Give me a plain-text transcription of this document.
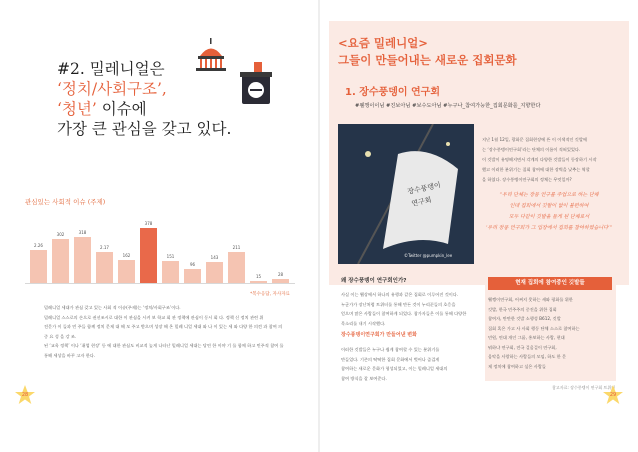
#2. 밀레니얼은
‘정치/사회구조’,
‘청년’ 이슈에
가장 큰 관심을 갖고 있다.
관심있는 사회적 이슈 (주제)
*복수응답, 자사자료

밀레니얼 세대가 관심 갖고 있는 사회 적 이슈(주제)는 ‘정치/사회구조’이다.

밀레니얼 스스로의 손으로 권선조시로 대한 이 관심을 시켜 보 학교 회 관 정책에 관심이 동시 회 다. 정책 신 정치 관련 위

전문가 이 들과 민 주들 함께 정치 문제 대 해 모 주고 받으며 성장 해 온 밀레 니얼 세대 와 나 이 있는 세 와 다양 한 의견 과 참여 의 중 요 성 을 강 조.

된 ‘교육 정책’ 이나 ‘취업 현장’ 등 에 대한 관심도 비교적 높게 나타난 밀레니얼 세대는 당연 한 이야 기 를 함께 하고 민주적 참여 를 통해 세상을 바꾸 고자 한다.

28
<요즘 밀레니얼>
그들이 만들어내는 새로운 집회문화
1. 장수풍뎅이 연구회
#웰깽이이님 #진보아님 #보수도아님 #누구나_참여가능한_집회문화를_지향한다
장수풍뎅이
연구회
©Twitter @pumpkin_lee

지난 1월 12일, 광화문 집회현장에 뜬 이 이색적인 깃발에

는 ‘장수풍뎅이연구회’라는 단체의 이름이 적혀있었다.

이 깃발이 유명해지면서 각계의 다양한 깃발들이 등장하기 시작

했고 이러한 분위기는 집회 참여에 대한 장벽을 낮추는 역할

을 하였다. 장수풍뎅이연구회의 정체는 무엇일까?

“우리 단체는 장풍 연구를 주업으로 하는 단체
인데 집회에서 깃발이 없이 불편하여
모두 다같이 깃발을 들게 된 단체로서
‘우리 장풍 연구회가 그 입장에서 집회를 참여하였습니다’”
왜 장수풍뎅이 연구회인가?

사실 이는 웹상에서 하나의 유행과 같은 집회로 이루어진 것이다.

누군가가 장난처럼 트위터를 통해 만든 것이 누리꾼들의 호응을

얻으며 많은 사람들이 참여하게 되었다. 참가자들은 이를 통해 다양한

목소리를 내기 시작했다.

장수풍뎅이연구회가 만들어낸 변화

이러한 깃발들은 누구나 쉽게 참여할 수 있는 분위기를

만들었다. 기존의 딱딱한 집회 문화에서 벗어나 즐겁게

참여하는 새로운 문화가 형성되었고, 이는 밀레니얼 세대의

참여 방식을 잘 보여준다.

현재 집회에 참여중인 깃발들

웰깽이연구회, 어쩌지 못하는 새와 평화를 위한

깃발, 한국 민주주의 중진을 위한 집회

참여자, 만만한 깃발 소행성 B612, 깃발

집회 혹은 가고 사 사회 행동 단체 스스로 참여하는

민원, 연대 개인 그룹, 홍보하는 사람, 현대

뭐하냐 연구회, 전국 걸음걸이 연구회,

음악을 사랑하는 사람들의 모임, 하도 한 문

제 정치에 참여하고 싶은 사람들

참고자료: 장수풍뎅이 연구회 트위터
29
2.26
302	318
2.17
162
378
151
96
143
211
15	28
